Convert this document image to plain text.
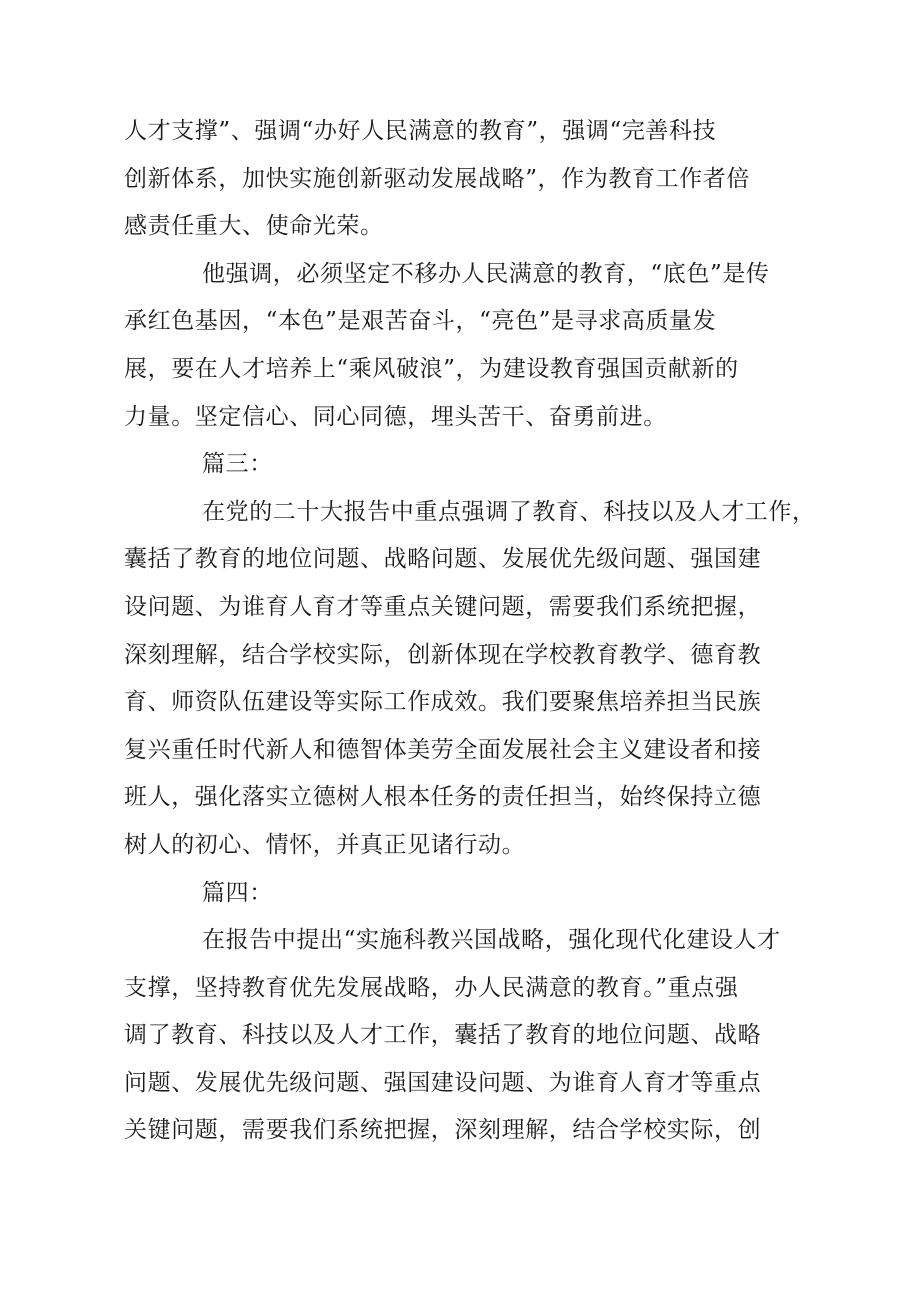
人才支撑”、强调“办好人民满意的教育”，强调“完善科技
创新体系，加快实施创新驱动发展战略”，作为教育工作者倍
感责任重大、使命光荣。
他强调，必须坚定不移办人民满意的教育，“底色”是传
承红色基因，“本色”是艰苦奋斗，“亮色”是寻求高质量发
展，要在人才培养上“乘风破浪”，为建设教育强国贡献新的
力量。坚定信心、同心同德，埋头苦干、奋勇前进。
篇三：
在党的二十大报告中重点强调了教育、科技以及人才工作，
囊括了教育的地位问题、战略问题、发展优先级问题、强国建
设问题、为谁育人育才等重点关键问题，需要我们系统把握，
深刻理解，结合学校实际，创新体现在学校教育教学、德育教
育、师资队伍建设等实际工作成效。我们要聚焦培养担当民族
复兴重任时代新人和德智体美劳全面发展社会主义建设者和接
班人，强化落实立德树人根本任务的责任担当，始终保持立德
树人的初心、情怀，并真正见诸行动。
篇四：
在报告中提出“实施科教兴国战略，强化现代化建设人才
支撑，坚持教育优先发展战略，办人民满意的教育。”重点强
调了教育、科技以及人才工作，囊括了教育的地位问题、战略
问题、发展优先级问题、强国建设问题、为谁育人育才等重点
关键问题，需要我们系统把握，深刻理解，结合学校实际，创
